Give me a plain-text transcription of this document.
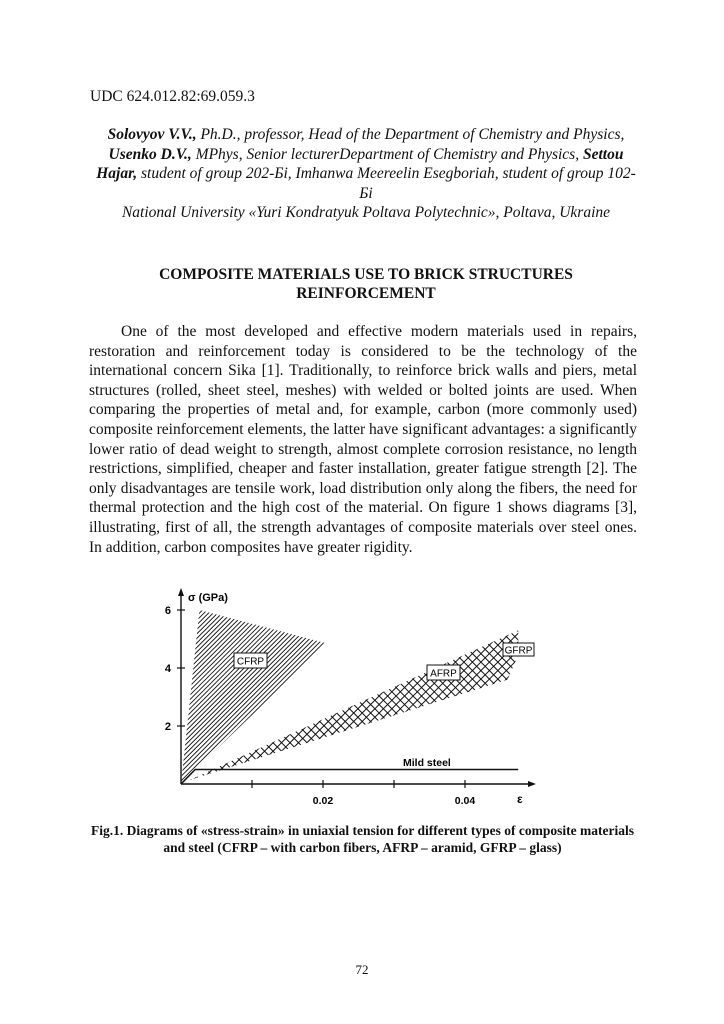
UDC 624.012.82:69.059.3
Solovyov V.V., Ph.D., professor, Head of the Department of Chemistry and Physics, Usenko D.V., MPhys, Senior lecturerDepartment of Chemistry and Physics, Settou Hajar, student of group 202-Бі, Imhanwa Meereelin Esegboriah, student of group 102-Бі
National University «Yuri Kondratyuk Poltava Polytechnic», Poltava, Ukraine
COMPOSITE MATERIALS USE TO BRICK STRUCTURES REINFORCEMENT

One of the most developed and effective modern materials used in repairs, restoration and reinforcement today is considered to be the technology of the international concern Sika [1]. Traditionally, to reinforce brick walls and piers, metal structures (rolled, sheet steel, meshes) with welded or bolted joints are used. When comparing the properties of metal and, for example, carbon (more commonly used) composite reinforcement elements, the latter have significant advantages: a significantly lower ratio of dead weight to strength, almost complete corrosion resistance, no length restrictions, simplified, cheaper and faster installation, greater fatigue strength [2]. The only disadvantages are tensile work, load distribution only along the fibers, the need for thermal protection and the high cost of the material. On figure 1 shows diagrams [3], illustrating, first of all, the strength advantages of composite materials over steel ones. In addition, carbon composites have greater rigidity.

2
4
6
0.02	0.04
σ (GPa)
ε
CFRP
AFRP
GFRP
Mild steel
Fig.1. Diagrams of «stress-strain» in uniaxial tension for different types of composite materials and steel (CFRP – with carbon fibers, AFRP – aramid, GFRP – glass)
72
